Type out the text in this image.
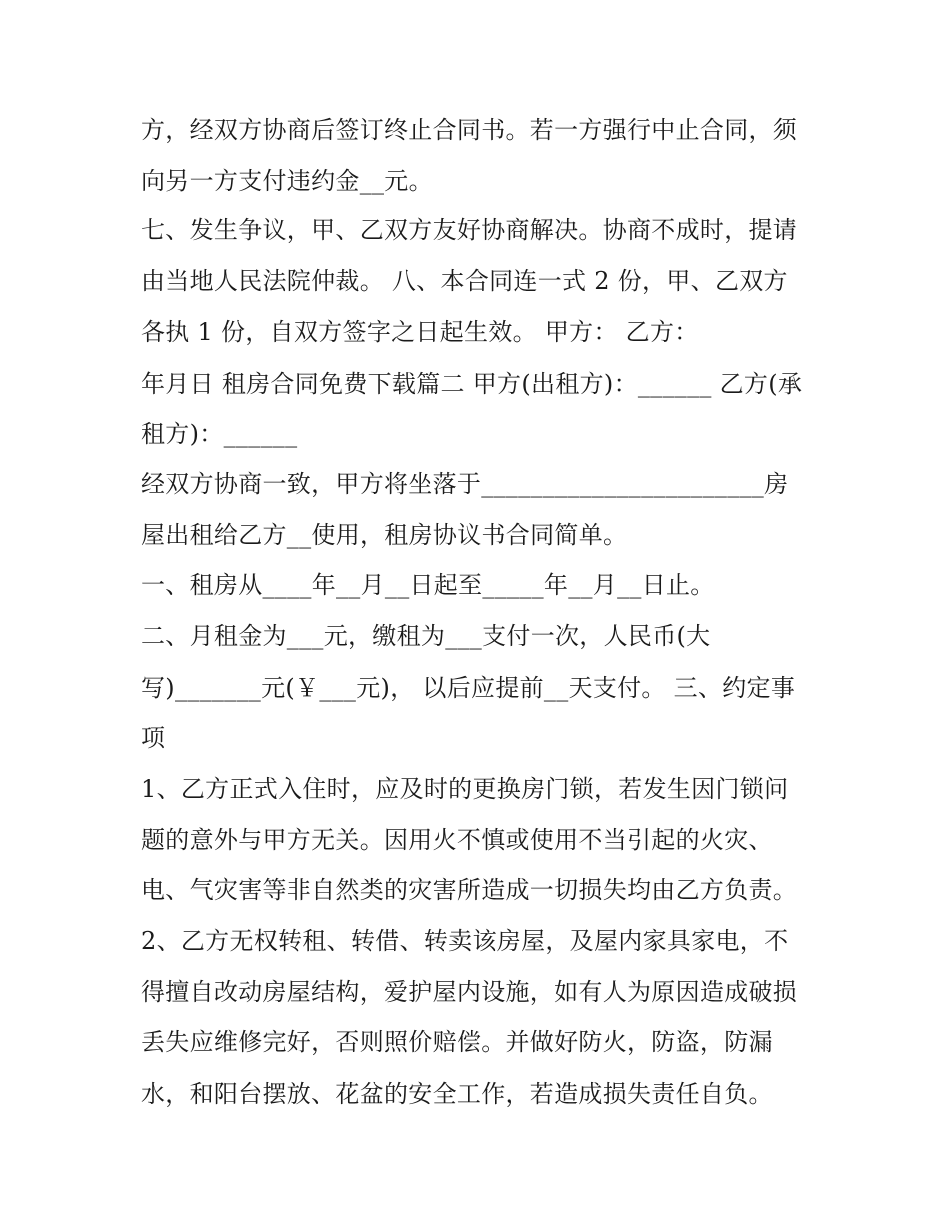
方，经双方协商后签订终止合同书。若一方强行中止合同，须
向另一方支付违约金__元。
七、发生争议，甲、乙双方友好协商解决。协商不成时，提请
由当地人民法院仲裁。 八、本合同连一式 2 份，甲、乙双方
各执 1 份，自双方签字之日起生效。 甲方： 乙方：
年月日 租房合同免费下载篇二 甲方(出租方)：______ 乙方(承
租方)：______
经双方协商一致，甲方将坐落于_______________________房
屋出租给乙方__使用，租房协议书合同简单。
一、租房从____年__月__日起至_____年__月__日止。
二、月租金为___元，缴租为___支付一次，人民币(大
写)_______元(￥___元)， 以后应提前__天支付。 三、约定事
项
1、乙方正式入住时，应及时的更换房门锁，若发生因门锁问
题的意外与甲方无关。因用火不慎或使用不当引起的火灾、
电、气灾害等非自然类的灾害所造成一切损失均由乙方负责。
2、乙方无权转租、转借、转卖该房屋，及屋内家具家电，不
得擅自改动房屋结构，爱护屋内设施，如有人为原因造成破损
丢失应维修完好，否则照价赔偿。并做好防火，防盗，防漏
水，和阳台摆放、花盆的安全工作，若造成损失责任自负。
